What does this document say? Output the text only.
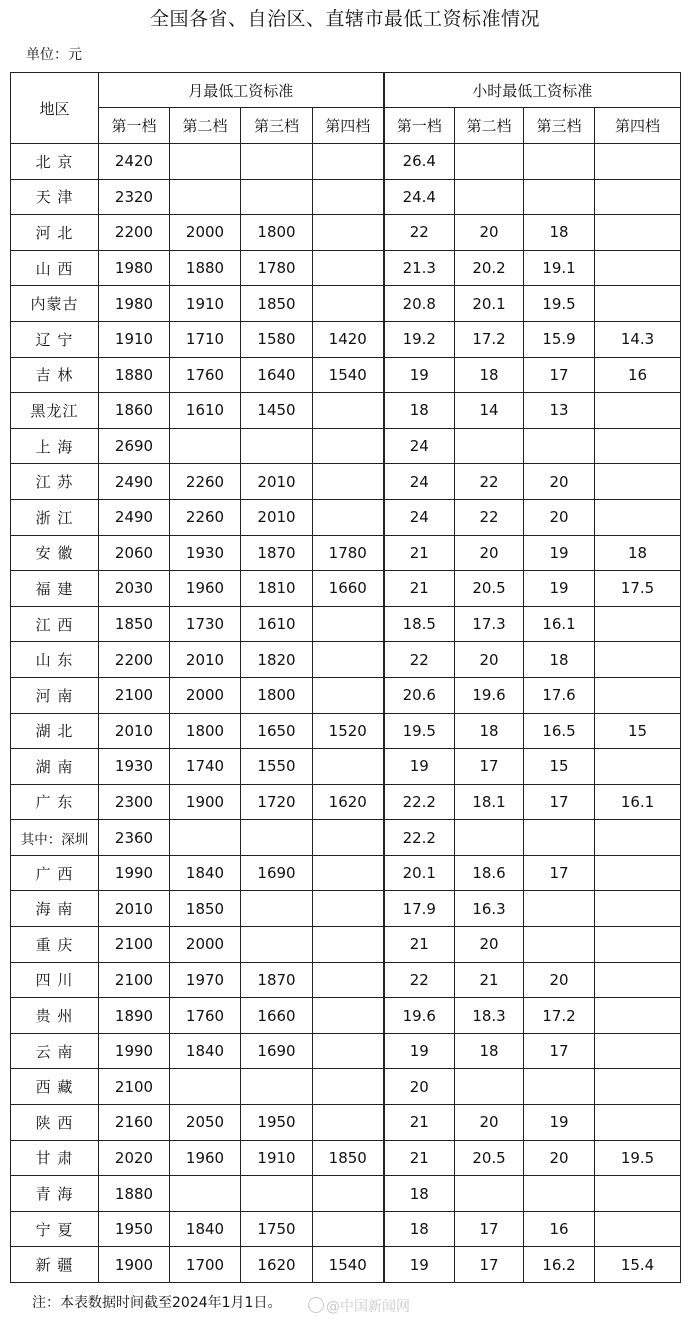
全国各省、自治区、直辖市最低工资标准情况
单位：元
地区	月最低工资标准				小时最低工资标准			
	第一档	第二档	第三档	第四档	第一档	第二档	第三档	第四档
北 京	2420				26.4			
天 津	2320				24.4			
河 北	2200	2000	1800		22	20	18	
山 西	1980	1880	1780		21.3	20.2	19.1	
内蒙古	1980	1910	1850		20.8	20.1	19.5	
辽 宁	1910	1710	1580	1420	19.2	17.2	15.9	14.3
吉 林	1880	1760	1640	1540	19	18	17	16
黑龙江	1860	1610	1450		18	14	13	
上 海	2690				24			
江 苏	2490	2260	2010		24	22	20	
浙 江	2490	2260	2010		24	22	20	
安 徽	2060	1930	1870	1780	21	20	19	18
福 建	2030	1960	1810	1660	21	20.5	19	17.5
江 西	1850	1730	1610		18.5	17.3	16.1	
山 东	2200	2010	1820		22	20	18	
河 南	2100	2000	1800		20.6	19.6	17.6	
湖 北	2010	1800	1650	1520	19.5	18	16.5	15
湖 南	1930	1740	1550		19	17	15	
广 东	2300	1900	1720	1620	22.2	18.1	17	16.1
其中：深圳	2360				22.2			
广 西	1990	1840	1690		20.1	18.6	17	
海 南	2010	1850			17.9	16.3		
重 庆	2100	2000			21	20		
四 川	2100	1970	1870		22	21	20	
贵 州	1890	1760	1660		19.6	18.3	17.2	
云 南	1990	1840	1690		19	18	17	
西 藏	2100				20			
陕 西	2160	2050	1950		21	20	19	
甘 肃	2020	1960	1910	1850	21	20.5	20	19.5
青 海	1880				18			
宁 夏	1950	1840	1750		18	17	16	
新 疆	1900	1700	1620	1540	19	17	16.2	15.4
注：本表数据时间截至2024年1月1日。	@中国新闻网
